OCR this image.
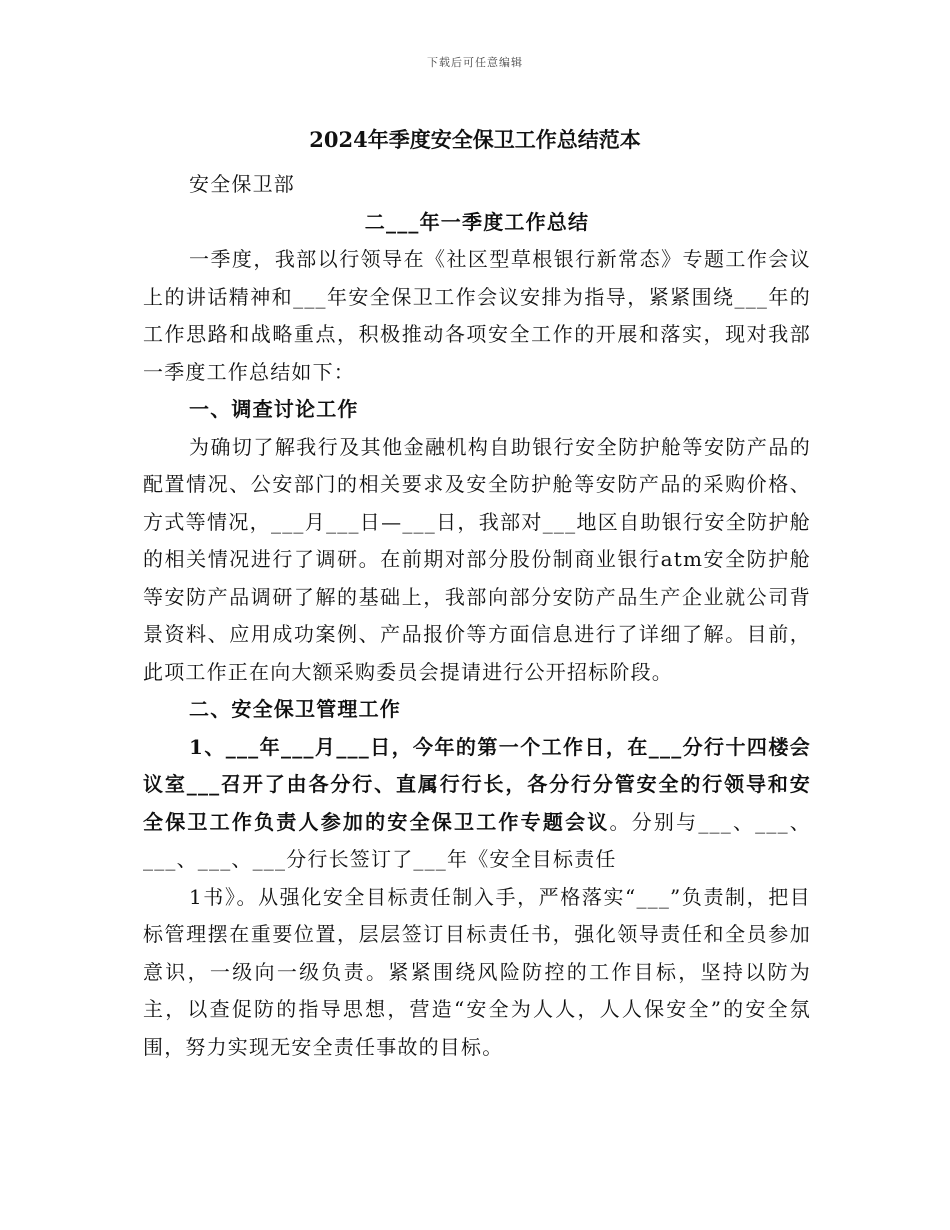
下载后可任意编辑
2024年季度安全保卫工作总结范本

安全保卫部

二___年一季度工作总结

一季度，我部以行领导在《社区型草根银行新常态》专题工作会议上的讲话精神和___年安全保卫工作会议安排为指导，紧紧围绕___年的工作思路和战略重点，积极推动各项安全工作的开展和落实，现对我部一季度工作总结如下：

一、调查讨论工作

为确切了解我行及其他金融机构自助银行安全防护舱等安防产品的配置情况、公安部门的相关要求及安全防护舱等安防产品的采购价格、方式等情况，___月___日—___日，我部对___地区自助银行安全防护舱的相关情况进行了调研。在前期对部分股份制商业银行atm安全防护舱等安防产品调研了解的基础上，我部向部分安防产品生产企业就公司背景资料、应用成功案例、产品报价等方面信息进行了详细了解。目前，此项工作正在向大额采购委员会提请进行公开招标阶段。

二、安全保卫管理工作

1、___年___月___日，今年的第一个工作日，在___分行十四楼会议室___召开了由各分行、直属行行长，各分行分管安全的行领导和安全保卫工作负责人参加的安全保卫工作专题会议。分别与___、___、___、___、___分行长签订了___年《安全目标责任

1书》。从强化安全目标责任制入手，严格落实“___”负责制，把目标管理摆在重要位置，层层签订目标责任书，强化领导责任和全员参加意识，一级向一级负责。紧紧围绕风险防控的工作目标，坚持以防为主，以查促防的指导思想，营造“安全为人人，人人保安全”的安全氛围，努力实现无安全责任事故的目标。
